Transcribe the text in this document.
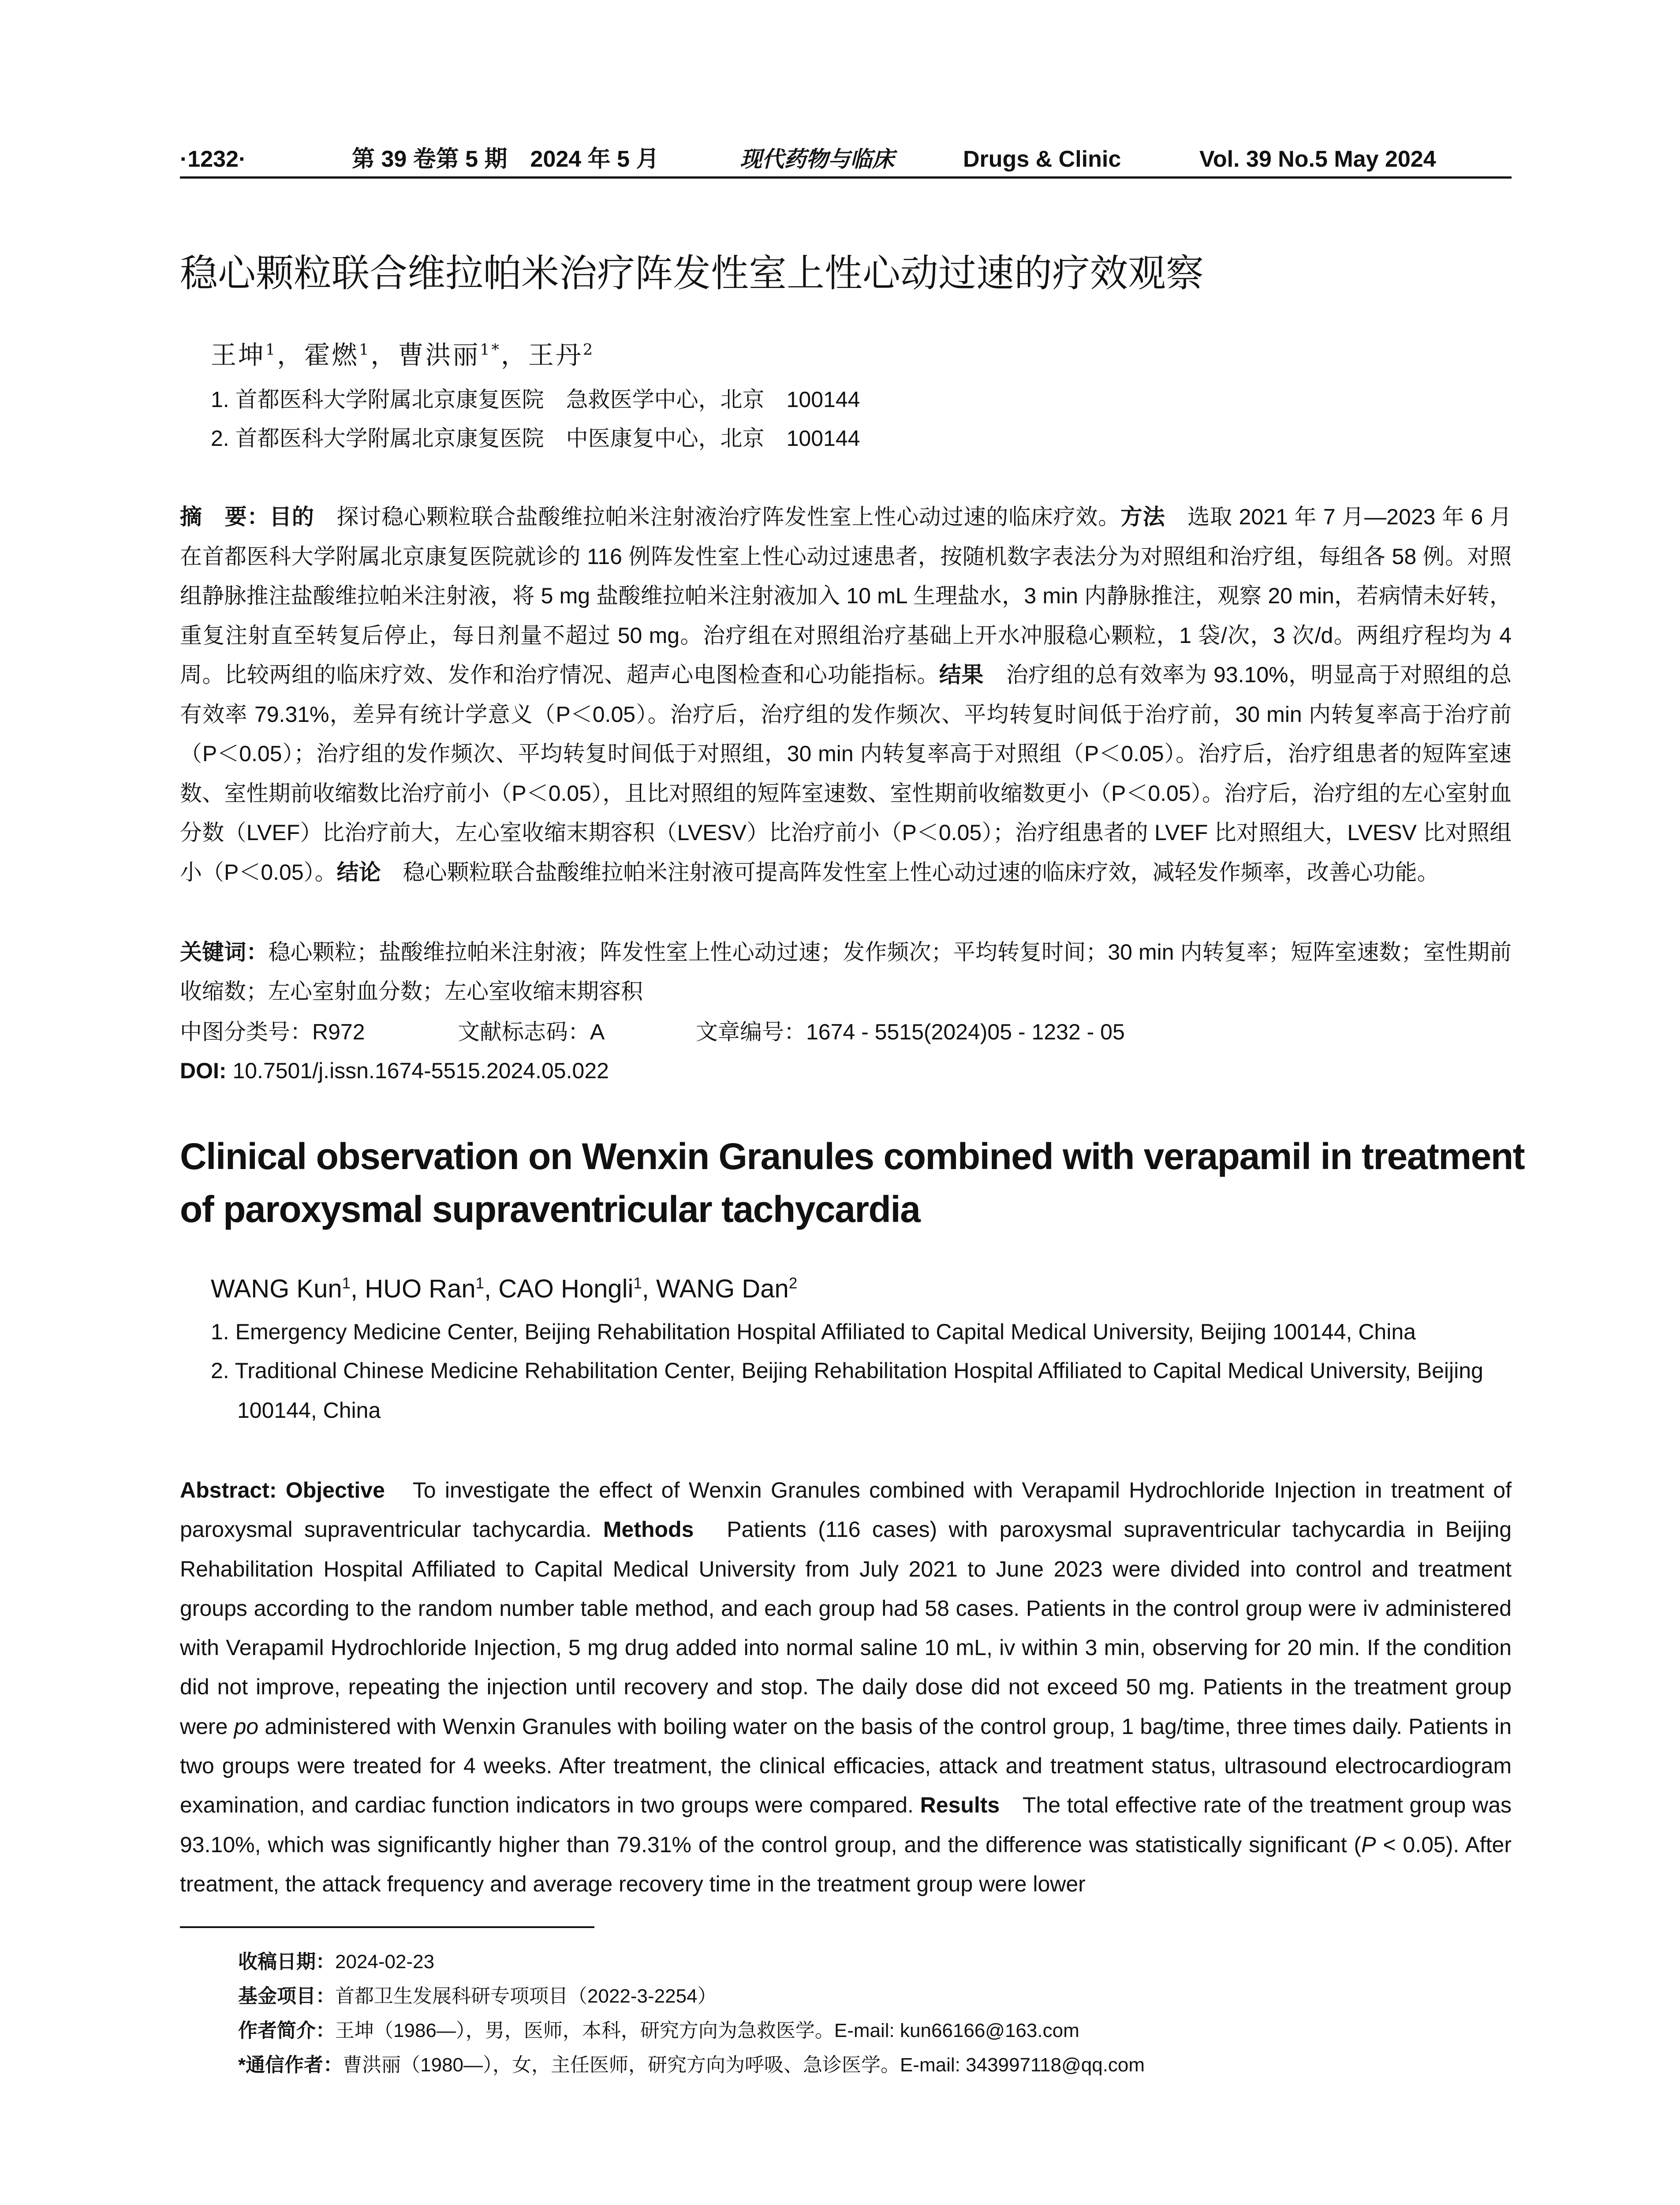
·1232·	第 39 卷第 5 期　2024 年 5 月	现代药物与临床	Drugs & Clinic	Vol. 39 No.5 May 2024
稳心颗粒联合维拉帕米治疗阵发性室上性心动过速的疗效观察
王坤$^1$，霍燃$^1$，曹洪丽$^{1*}$，王丹$^2$
1. 首都医科大学附属北京康复医院　急救医学中心，北京　100144
2. 首都医科大学附属北京康复医院　中医康复中心，北京　100144

摘　要：目的　探讨稳心颗粒联合盐酸维拉帕米注射液治疗阵发性室上性心动过速的临床疗效。方法　选取 2021 年 7 月—2023 年 6 月在首都医科大学附属北京康复医院就诊的 116 例阵发性室上性心动过速患者，按随机数字表法分为对照组和治疗组，每组各 58 例。对照组静脉推注盐酸维拉帕米注射液，将 5 mg 盐酸维拉帕米注射液加入 10 mL 生理盐水，3 min 内静脉推注，观察 20 min，若病情未好转，重复注射直至转复后停止，每日剂量不超过 50 mg。治疗组在对照组治疗基础上开水冲服稳心颗粒，1 袋/次，3 次/d。两组疗程均为 4 周。比较两组的临床疗效、发作和治疗情况、超声心电图检查和心功能指标。结果　治疗组的总有效率为 93.10%，明显高于对照组的总有效率 79.31%，差异有统计学意义（P＜0.05）。治疗后，治疗组的发作频次、平均转复时间低于治疗前，30 min 内转复率高于治疗前（P＜0.05）；治疗组的发作频次、平均转复时间低于对照组，30 min 内转复率高于对照组（P＜0.05）。治疗后，治疗组患者的短阵室速数、室性期前收缩数比治疗前小（P＜0.05），且比对照组的短阵室速数、室性期前收缩数更小（P＜0.05）。治疗后，治疗组的左心室射血分数（LVEF）比治疗前大，左心室收缩末期容积（LVESV）比治疗前小（P＜0.05）；治疗组患者的 LVEF 比对照组大，LVESV 比对照组小（P＜0.05）。结论　稳心颗粒联合盐酸维拉帕米注射液可提高阵发性室上性心动过速的临床疗效，减轻发作频率，改善心功能。

关键词：稳心颗粒；盐酸维拉帕米注射液；阵发性室上性心动过速；发作频次；平均转复时间；30 min 内转复率；短阵室速数；室性期前收缩数；左心室射血分数；左心室收缩末期容积
中图分类号：R972	文献标志码：A	文章编号：1674 - 5515(2024)05 - 1232 - 05
DOI: 10.7501/j.issn.1674-5515.2024.05.022
Clinical observation on Wenxin Granules combined with verapamil in treatment of paroxysmal supraventricular tachycardia
WANG Kun$^1$, HUO Ran$^1$, CAO Hongli$^1$, WANG Dan$^2$
1. Emergency Medicine Center, Beijing Rehabilitation Hospital Affiliated to Capital Medical University, Beijing 100144, China
2. Traditional Chinese Medicine Rehabilitation Center, Beijing Rehabilitation Hospital Affiliated to Capital Medical University, Beijing 100144, China
Abstract: Objective　To investigate the effect of Wenxin Granules combined with Verapamil Hydrochloride Injection in treatment of paroxysmal supraventricular tachycardia. Methods　Patients (116 cases) with paroxysmal supraventricular tachycardia in Beijing Rehabilitation Hospital Affiliated to Capital Medical University from July 2021 to June 2023 were divided into control and treatment groups according to the random number table method, and each group had 58 cases. Patients in the control group were iv administered with Verapamil Hydrochloride Injection, 5 mg drug added into normal saline 10 mL, iv within 3 min, observing for 20 min. If the condition did not improve, repeating the injection until recovery and stop. The daily dose did not exceed 50 mg. Patients in the treatment group were po administered with Wenxin Granules with boiling water on the basis of the control group, 1 bag/time, three times daily. Patients in two groups were treated for 4 weeks. After treatment, the clinical efficacies, attack and treatment status, ultrasound electrocardiogram examination, and cardiac function indicators in two groups were compared. Results　The total effective rate of the treatment group was 93.10%, which was significantly higher than 79.31% of the control group, and the difference was statistically significant (P < 0.05). After treatment, the attack frequency and average recovery time in the treatment group were lower
收稿日期：2024-02-23
基金项目：首都卫生发展科研专项项目（2022-3-2254）
作者简介：王坤（1986—），男，医师，本科，研究方向为急救医学。E-mail: kun66166@163.com
*通信作者：曹洪丽（1980—），女，主任医师，研究方向为呼吸、急诊医学。E-mail: 343997118@qq.com
